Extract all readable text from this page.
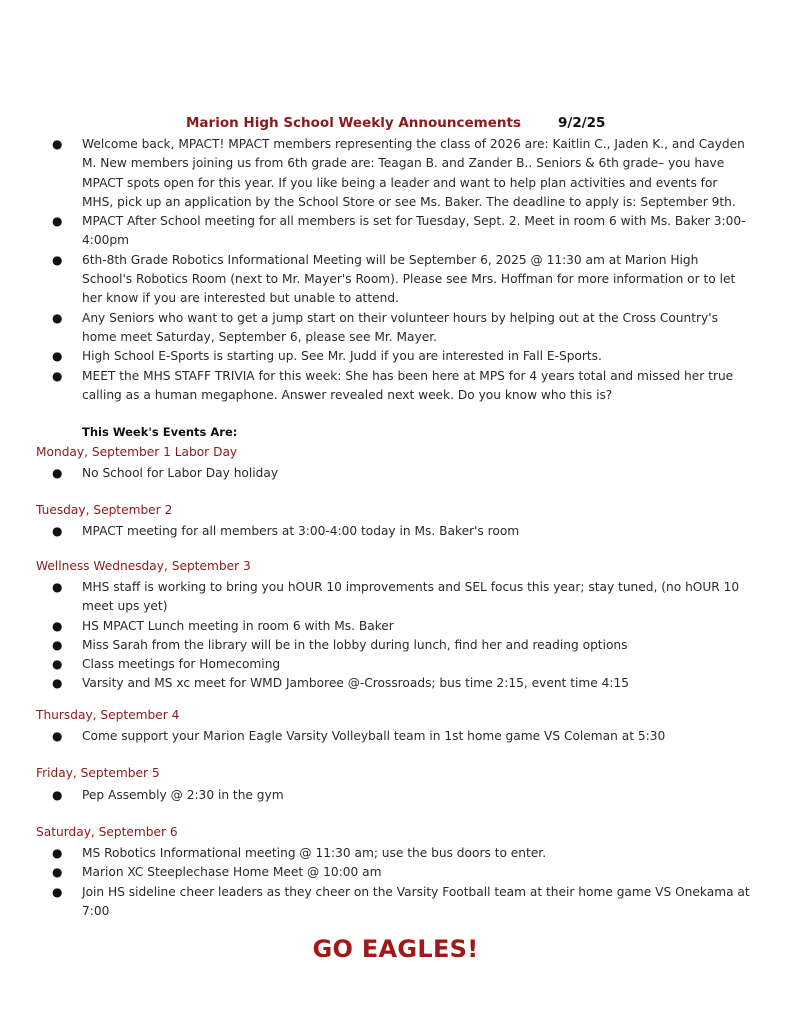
Marion High School Weekly Announcements	9/2/25
● Welcome back, MPACT! MPACT members representing the class of 2026 are: Kaitlin C., Jaden K., and Cayden M. New members joining us from 6th grade are: Teagan B. and Zander B.. Seniors & 6th grade– you have MPACT spots open for this year. If you like being a leader and want to help plan activities and events for MHS, pick up an application by the School Store or see Ms. Baker. The deadline to apply is: September 9th.
● MPACT After School meeting for all members is set for Tuesday, Sept. 2. Meet in room 6 with Ms. Baker 3:00-4:00pm
● 6th-8th Grade Robotics Informational Meeting will be September 6, 2025 @ 11:30 am at Marion High School's Robotics Room (next to Mr. Mayer's Room). Please see Mrs. Hoffman for more information or to let her know if you are interested but unable to attend.
● Any Seniors who want to get a jump start on their volunteer hours by helping out at the Cross Country's home meet Saturday, September 6, please see Mr. Mayer.
● High School E-Sports is starting up. See Mr. Judd if you are interested in Fall E-Sports.
● MEET the MHS STAFF TRIVIA for this week: She has been here at MPS for 4 years total and missed her true calling as a human megaphone. Answer revealed next week. Do you know who this is?
This Week's Events Are:
Monday, September 1 Labor Day
● No School for Labor Day holiday
Tuesday, September 2
● MPACT meeting for all members at 3:00-4:00 today in Ms. Baker's room
Wellness Wednesday, September 3
● MHS staff is working to bring you hOUR 10 improvements and SEL focus this year; stay tuned, (no hOUR 10 meet ups yet)
● HS MPACT Lunch meeting in room 6 with Ms. Baker
● Miss Sarah from the library will be in the lobby during lunch, find her and reading options
● Class meetings for Homecoming
● Varsity and MS xc meet for WMD Jamboree @-Crossroads; bus time 2:15, event time 4:15
Thursday, September 4
● Come support your Marion Eagle Varsity Volleyball team in 1st home game VS Coleman at 5:30
Friday, September 5
● Pep Assembly @ 2:30 in the gym
Saturday, September 6
● MS Robotics Informational meeting @ 11:30 am; use the bus doors to enter.
● Marion XC Steeplechase Home Meet @ 10:00 am
● Join HS sideline cheer leaders as they cheer on the Varsity Football team at their home game VS Onekama at 7:00
GO EAGLES!
